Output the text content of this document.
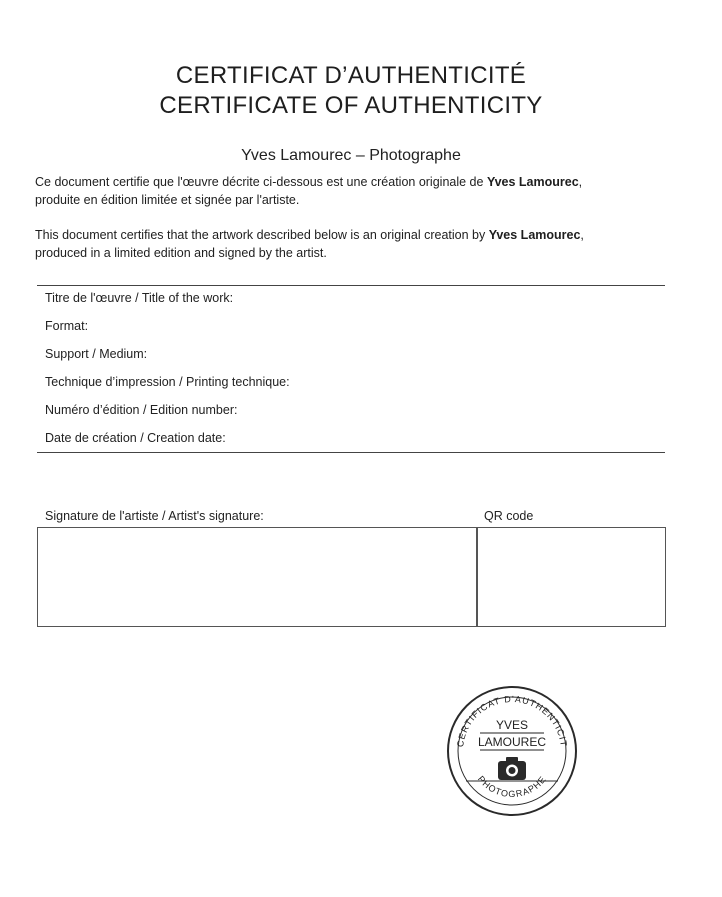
CERTIFICAT D’AUTHENTICITÉ
CERTIFICATE OF AUTHENTICITY
Yves Lamourec – Photographe
Ce document certifie que l'œuvre décrite ci-dessous est une création originale de Yves Lamourec,
produite en édition limitée et signée par l'artiste.
This document certifies that the artwork described below is an original creation by Yves Lamourec,
produced in a limited edition and signed by the artist.
Titre de l'œuvre / Title of the work:
Format:
Support / Medium:
Technique d’impression / Printing technique:
Numéro d’édition / Edition number:
Date de création / Creation date:
Signature de l'artiste / Artist's signature:	QR code
CERTIFICAT D'AUTHENTICIT
YVES
LAMOUREC
PHOTOGRAPHE
